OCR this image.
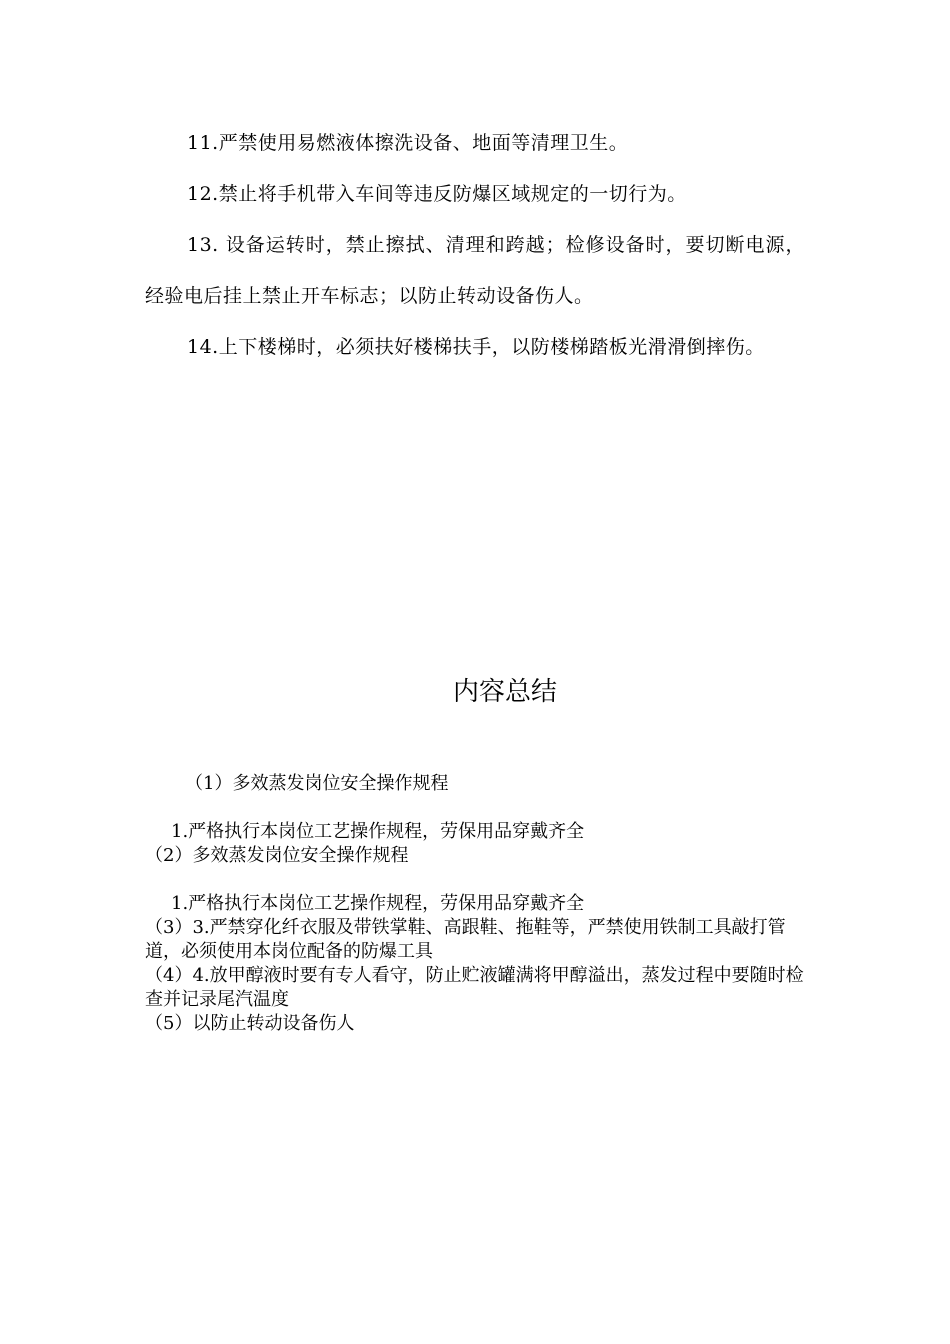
11.严禁使用易燃液体擦洗设备、地面等清理卫生。

12.禁止将手机带入车间等违反防爆区域规定的一切行为。

13. 设备运转时，禁止擦拭、清理和跨越；检修设备时，要切断电源，经验电后挂上禁止开车标志；以防止转动设备伤人。

14.上下楼梯时，必须扶好楼梯扶手，以防楼梯踏板光滑滑倒摔伤。

内容总结

（1）多效蒸发岗位安全操作规程

1.严格执行本岗位工艺操作规程，劳保用品穿戴齐全

（2）多效蒸发岗位安全操作规程

1.严格执行本岗位工艺操作规程，劳保用品穿戴齐全

（3）3.严禁穿化纤衣服及带铁掌鞋、高跟鞋、拖鞋等，严禁使用铁制工具敲打管道，必须使用本岗位配备的防爆工具

（4）4.放甲醇液时要有专人看守，防止贮液罐满将甲醇溢出，蒸发过程中要随时检查并记录尾汽温度

（5）以防止转动设备伤人
